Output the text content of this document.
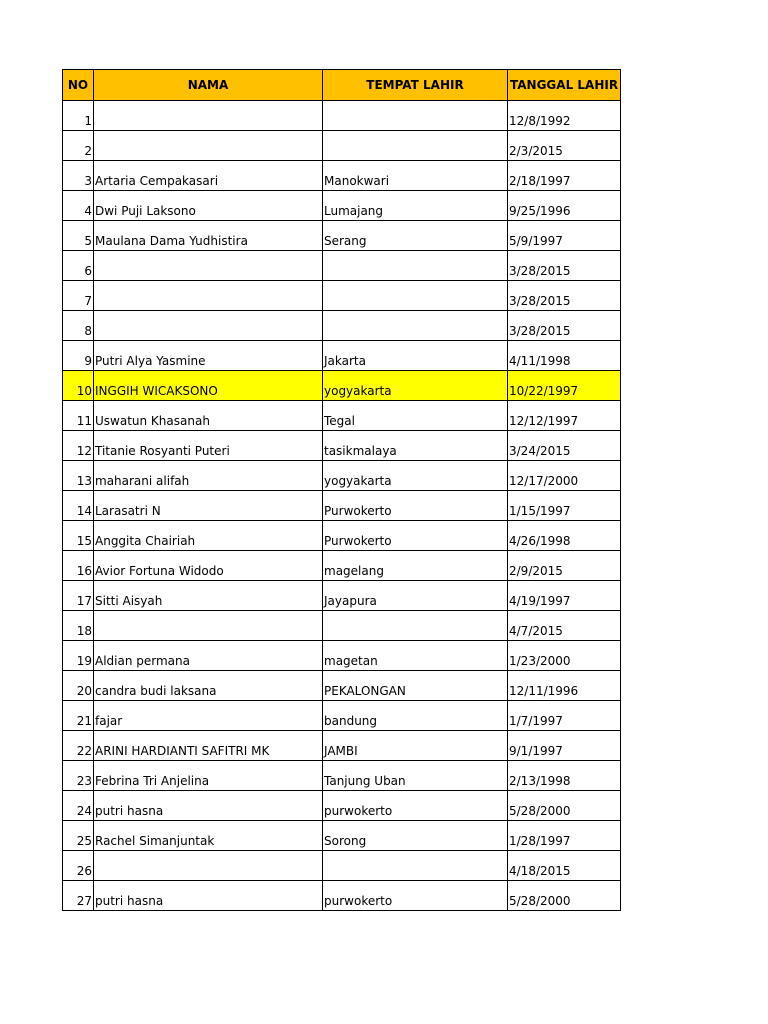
NO	NAMA	TEMPAT LAHIR	TANGGAL LAHIR
1			12/8/1992
2			2/3/2015
3	Artaria Cempakasari	Manokwari	2/18/1997
4	Dwi Puji Laksono	Lumajang	9/25/1996
5	Maulana Dama Yudhistira	Serang	5/9/1997
6			3/28/2015
7			3/28/2015
8			3/28/2015
9	Putri Alya Yasmine	Jakarta	4/11/1998
10	INGGIH WICAKSONO	yogyakarta	10/22/1997
11	Uswatun Khasanah	Tegal	12/12/1997
12	Titanie Rosyanti Puteri	tasikmalaya	3/24/2015
13	maharani alifah	yogyakarta	12/17/2000
14	Larasatri N	Purwokerto	1/15/1997
15	Anggita Chairiah	Purwokerto	4/26/1998
16	Avior Fortuna Widodo	magelang	2/9/2015
17	Sitti Aisyah	Jayapura	4/19/1997
18			4/7/2015
19	Aldian permana	magetan	1/23/2000
20	candra budi laksana	PEKALONGAN	12/11/1996
21	fajar	bandung	1/7/1997
22	ARINI HARDIANTI SAFITRI MK	JAMBI	9/1/1997
23	Febrina Tri Anjelina	Tanjung Uban	2/13/1998
24	putri hasna	purwokerto	5/28/2000
25	Rachel Simanjuntak	Sorong	1/28/1997
26			4/18/2015
27	putri hasna	purwokerto	5/28/2000
